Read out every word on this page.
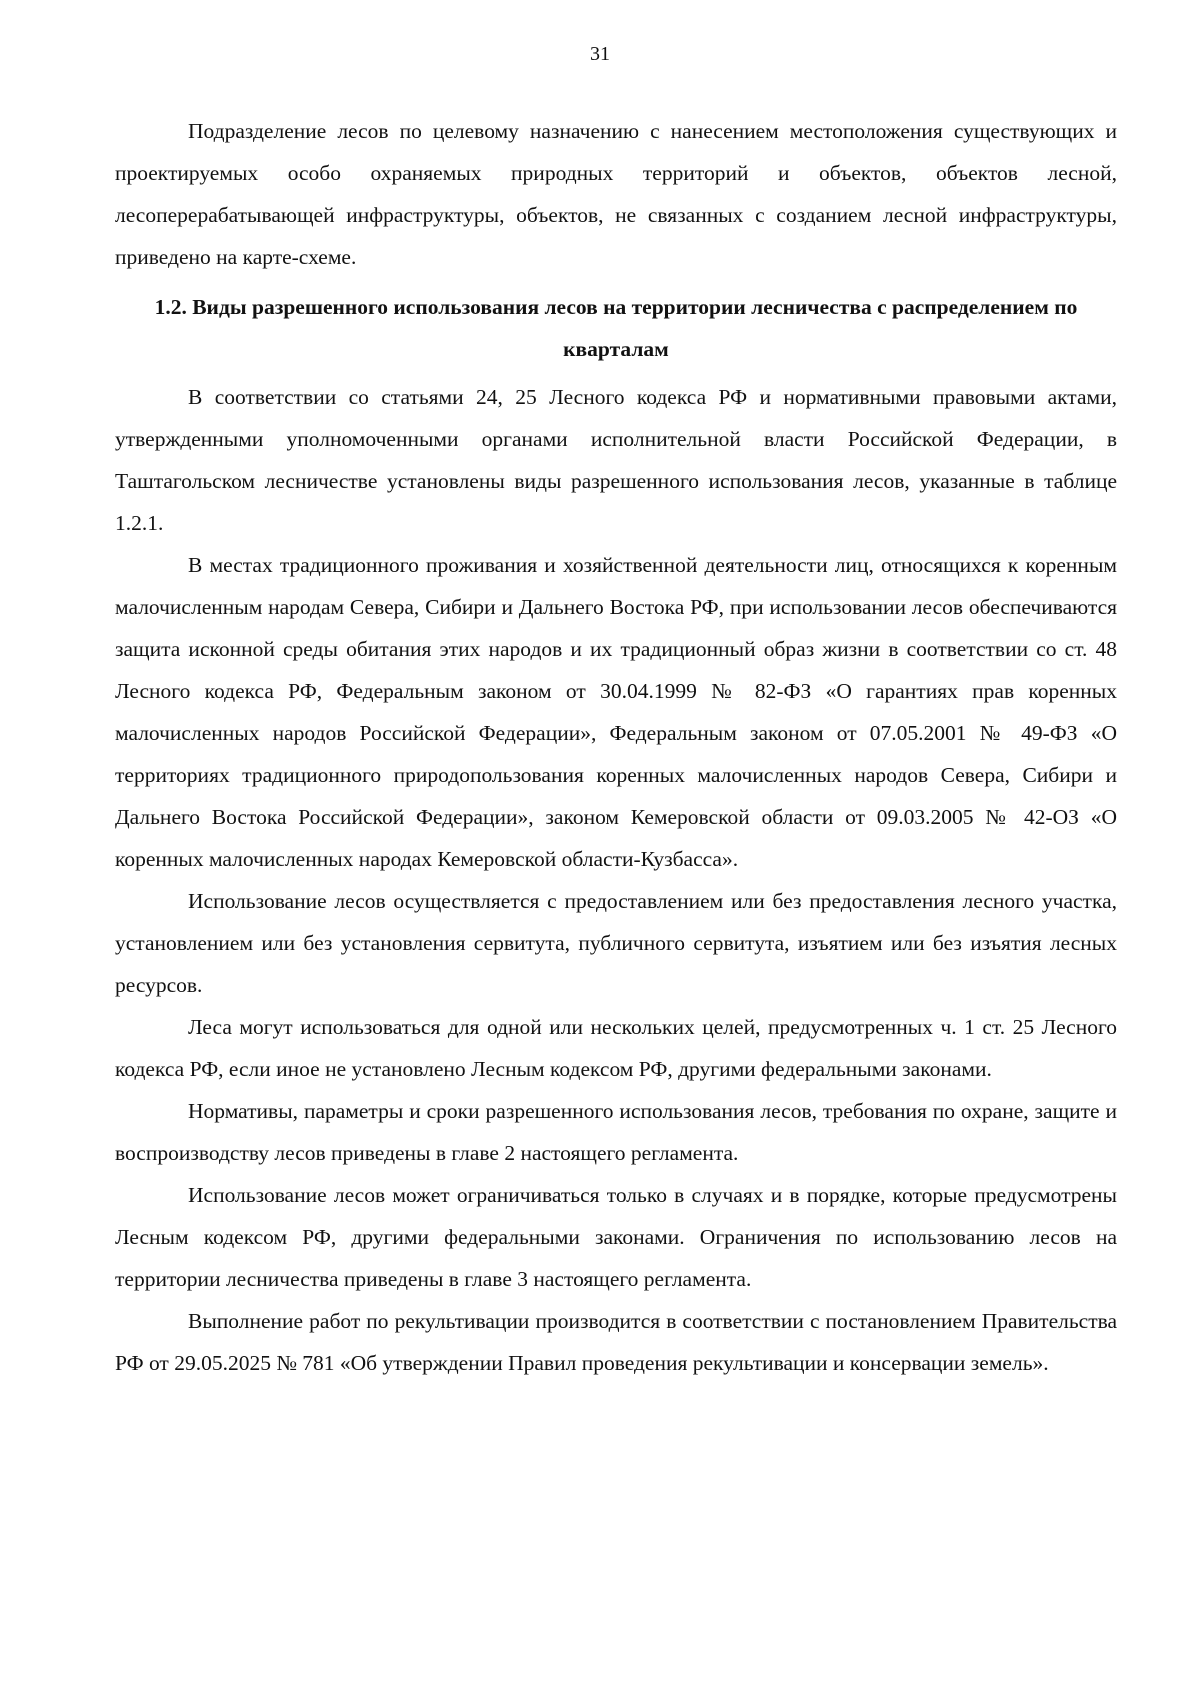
31

Подразделение лесов по целевому назначению с нанесением местоположения существующих и проектируемых особо охраняемых природных территорий и объектов, объектов лесной, лесоперерабатывающей инфраструктуры, объектов, не связанных с созданием лесной инфраструктуры, приведено на карте-схеме.

1.2. Виды разрешенного использования лесов на территории лесничества с распределением по кварталам

В соответствии со статьями 24, 25 Лесного кодекса РФ и нормативными правовыми актами, утвержденными уполномоченными органами исполнительной власти Российской Федерации, в Таштагольском лесничестве установлены виды разрешенного использования лесов, указанные в таблице 1.2.1.

В местах традиционного проживания и хозяйственной деятельности лиц, относящихся к коренным малочисленным народам Севера, Сибири и Дальнего Востока РФ, при использовании лесов обеспечиваются защита исконной среды обитания этих народов и их традиционный образ жизни в соответствии со ст. 48 Лесного кодекса РФ, Федеральным законом от 30.04.1999 № 82-ФЗ «О гарантиях прав коренных малочисленных народов Российской Федерации», Федеральным законом от 07.05.2001 № 49-ФЗ «О территориях традиционного природопользования коренных малочисленных народов Севера, Сибири и Дальнего Востока Российской Федерации», законом Кемеровской области от 09.03.2005 № 42-ОЗ «О коренных малочисленных народах Кемеровской области-Кузбасса».

Использование лесов осуществляется с предоставлением или без предоставления лесного участка, установлением или без установления сервитута, публичного сервитута, изъятием или без изъятия лесных ресурсов.

Леса могут использоваться для одной или нескольких целей, предусмотренных ч. 1 ст. 25 Лесного кодекса РФ, если иное не установлено Лесным кодексом РФ, другими федеральными законами.

Нормативы, параметры и сроки разрешенного использования лесов, требования по охране, защите и воспроизводству лесов приведены в главе 2 настоящего регламента.

Использование лесов может ограничиваться только в случаях и в порядке, которые предусмотрены Лесным кодексом РФ, другими федеральными законами. Ограничения по использованию лесов на территории лесничества приведены в главе 3 настоящего регламента.

Выполнение работ по рекультивации производится в соответствии с постановлением Правительства РФ от 29.05.2025 № 781 «Об утверждении Правил проведения рекультивации и консервации земель».
